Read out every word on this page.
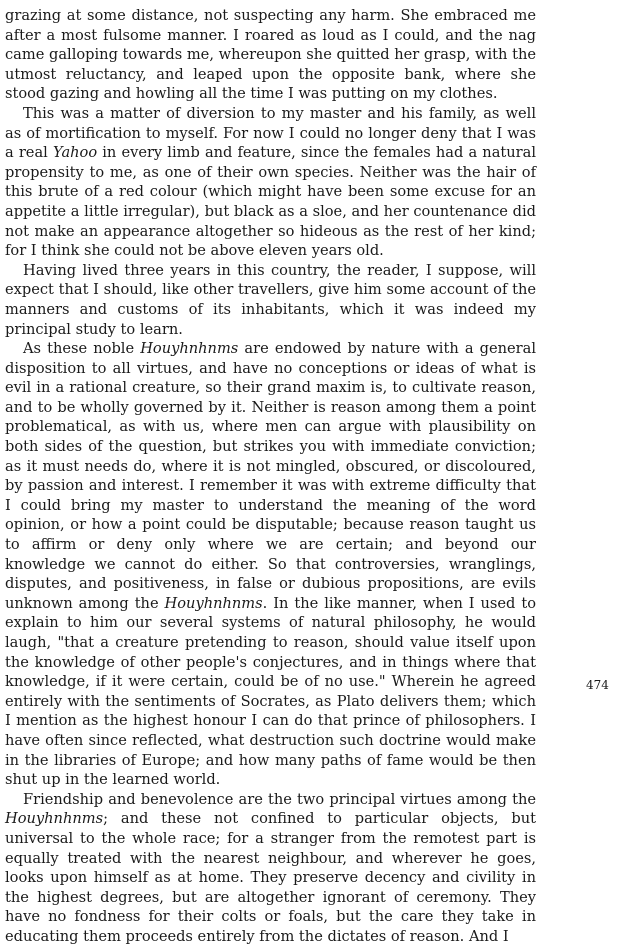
grazing at some distance, not suspecting any harm. She embraced me after a most fulsome manner. I roared as loud as I could, and the nag came galloping towards me, whereupon she quitted her grasp, with the utmost reluctancy, and leaped upon the opposite bank, where she stood gazing and howling all the time I was putting on my clothes.

This was a matter of diversion to my master and his family, as well as of mortification to myself. For now I could no longer deny that I was a real Yahoo in every limb and feature, since the females had a natural propensity to me, as one of their own species. Neither was the hair of this brute of a red colour (which might have been some excuse for an appetite a little irregular), but black as a sloe, and her countenance did not make an appearance altogether so hideous as the rest of her kind; for I think she could not be above eleven years old.

Having lived three years in this country, the reader, I suppose, will expect that I should, like other travellers, give him some account of the manners and customs of its inhabitants, which it was indeed my principal study to learn.

As these noble Houyhnhnms are endowed by nature with a general disposition to all virtues, and have no conceptions or ideas of what is evil in a rational creature, so their grand maxim is, to cultivate reason, and to be wholly governed by it. Neither is reason among them a point problematical, as with us, where men can argue with plausibility on both sides of the question, but strikes you with immediate conviction; as it must needs do, where it is not mingled, obscured, or discoloured, by passion and interest. I remember it was with extreme difficulty that I could bring my master to understand the meaning of the word opinion, or how a point could be disputable; because reason taught us to affirm or deny only where we are certain; and beyond our knowledge we cannot do either. So that controversies, wranglings, disputes, and positiveness, in false or dubious propositions, are evils unknown among the Houyhnhnms. In the like manner, when I used to explain to him our several systems of natural philosophy, he would laugh, "that a creature pretending to reason, should value itself upon the knowledge of other people's conjectures, and in things where that knowledge, if it were certain, could be of no use." Wherein he agreed entirely with the sentiments of Socrates, as Plato delivers them; which I mention as the highest honour I can do that prince of philosophers. I have often since reflected, what destruction such doctrine would make in the libraries of Europe; and how many paths of fame would be then shut up in the learned world.

Friendship and benevolence are the two principal virtues among the Houyhnhnms; and these not confined to particular objects, but universal to the whole race; for a stranger from the remotest part is equally treated with the nearest neighbour, and wherever he goes, looks upon himself as at home. They preserve decency and civility in the highest degrees, but are altogether ignorant of ceremony. They have no fondness for their colts or foals, but the care they take in educating them proceeds entirely from the dictates of reason. And I

474
